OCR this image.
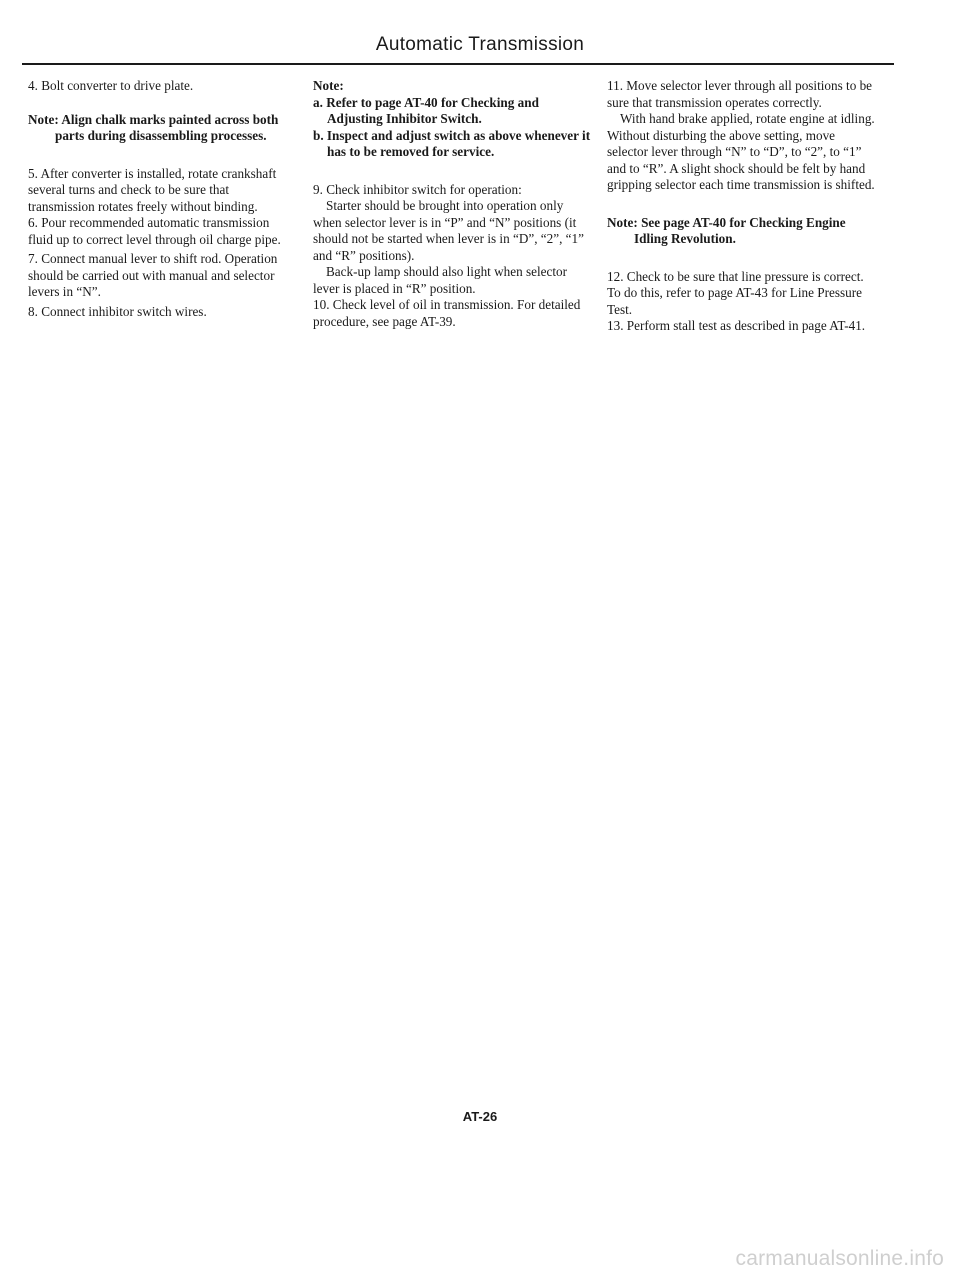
Automatic Transmission

4. Bolt converter to drive plate.

Note: Align chalk marks painted across both parts during disassembling processes.

5. After converter is installed, rotate crankshaft several turns and check to be sure that transmission rotates freely without binding.

6. Pour recommended automatic transmission fluid up to correct level through oil charge pipe.

7. Connect manual lever to shift rod. Operation should be carried out with manual and selector levers in “N”.

8. Connect inhibitor switch wires.

Note:

a. Refer to page AT-40 for Checking and Adjusting Inhibitor Switch.

b. Inspect and adjust switch as above whenever it has to be removed for service.

9. Check inhibitor switch for operation:

Starter should be brought into operation only when selector lever is in “P” and “N” positions (it should not be started when lever is in “D”, “2”, “1” and “R” positions).

Back-up lamp should also light when selector lever is placed in “R” position.

10. Check level of oil in transmission. For detailed procedure, see page AT-39.

11. Move selector lever through all positions to be sure that transmission operates correctly.

With hand brake applied, rotate engine at idling. Without disturbing the above setting, move selector lever through “N” to “D”, to “2”, to “1” and to “R”. A slight shock should be felt by hand gripping selector each time transmission is shifted.

Note: See page AT-40 for Checking Engine Idling Revolution.

12. Check to be sure that line pressure is correct. To do this, refer to page AT-43 for Line Pressure Test.

13. Perform stall test as described in page AT-41.

AT-26
carmanualsonline.info
